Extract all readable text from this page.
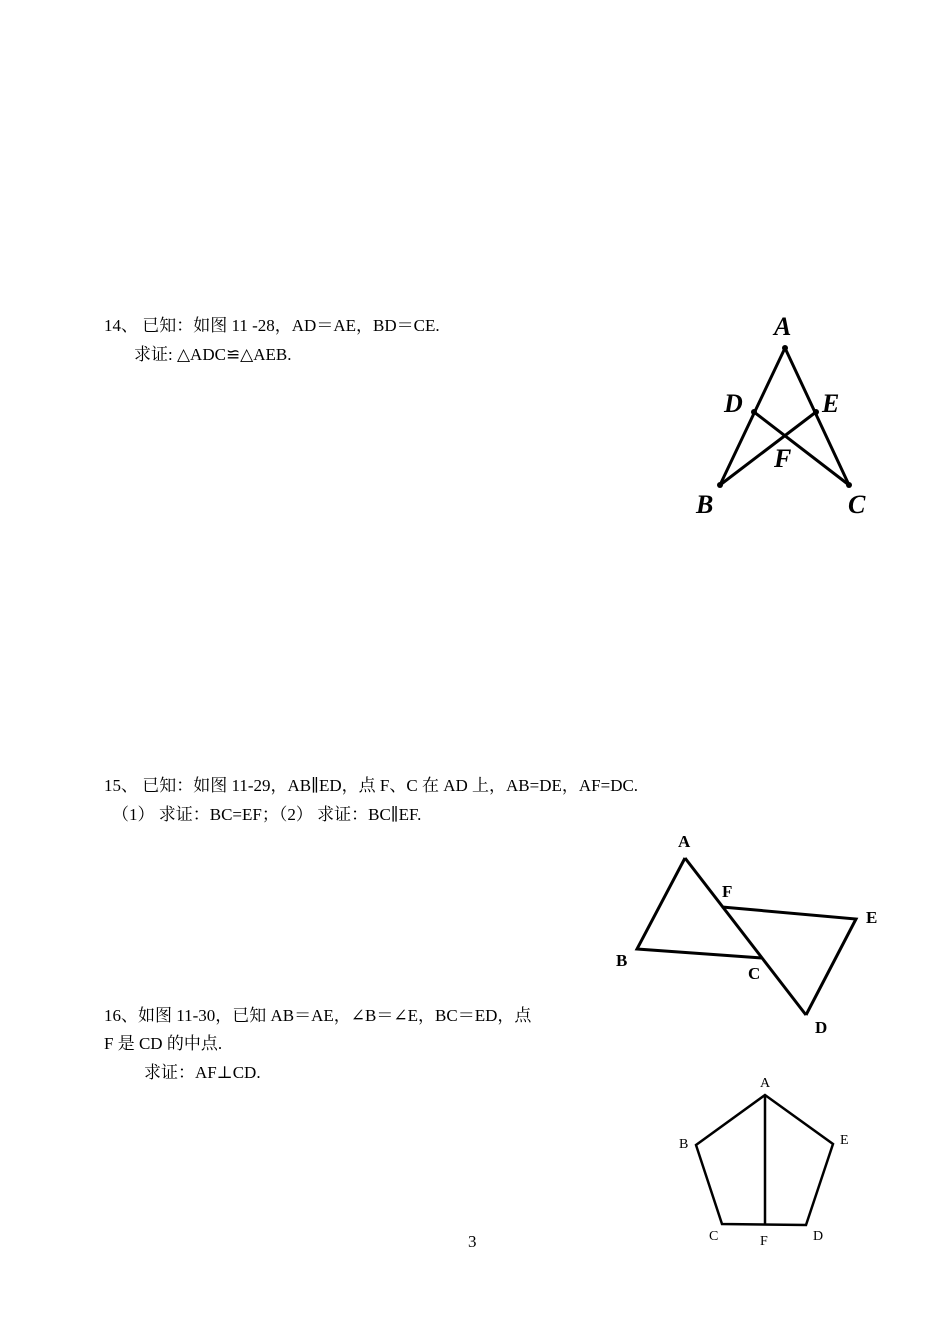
14、 已知：如图 11 -28，AD＝AE，BD＝CE.
求证: △ADC≌△AEB.
A
D	E
F
B	C
15、 已知：如图 11-29，AB∥ED，点 F、C 在 AD 上，AB=DE，AF=DC.
（1） 求证：BC=EF；（2） 求证：BC∥EF.
A
F
E
B
C
D
16、如图 11-30，已知 AB＝AE，∠B＝∠E，BC＝ED，点
F 是 CD 的中点.
求证：AF⊥CD.
A
B	E
C	F	D
3
